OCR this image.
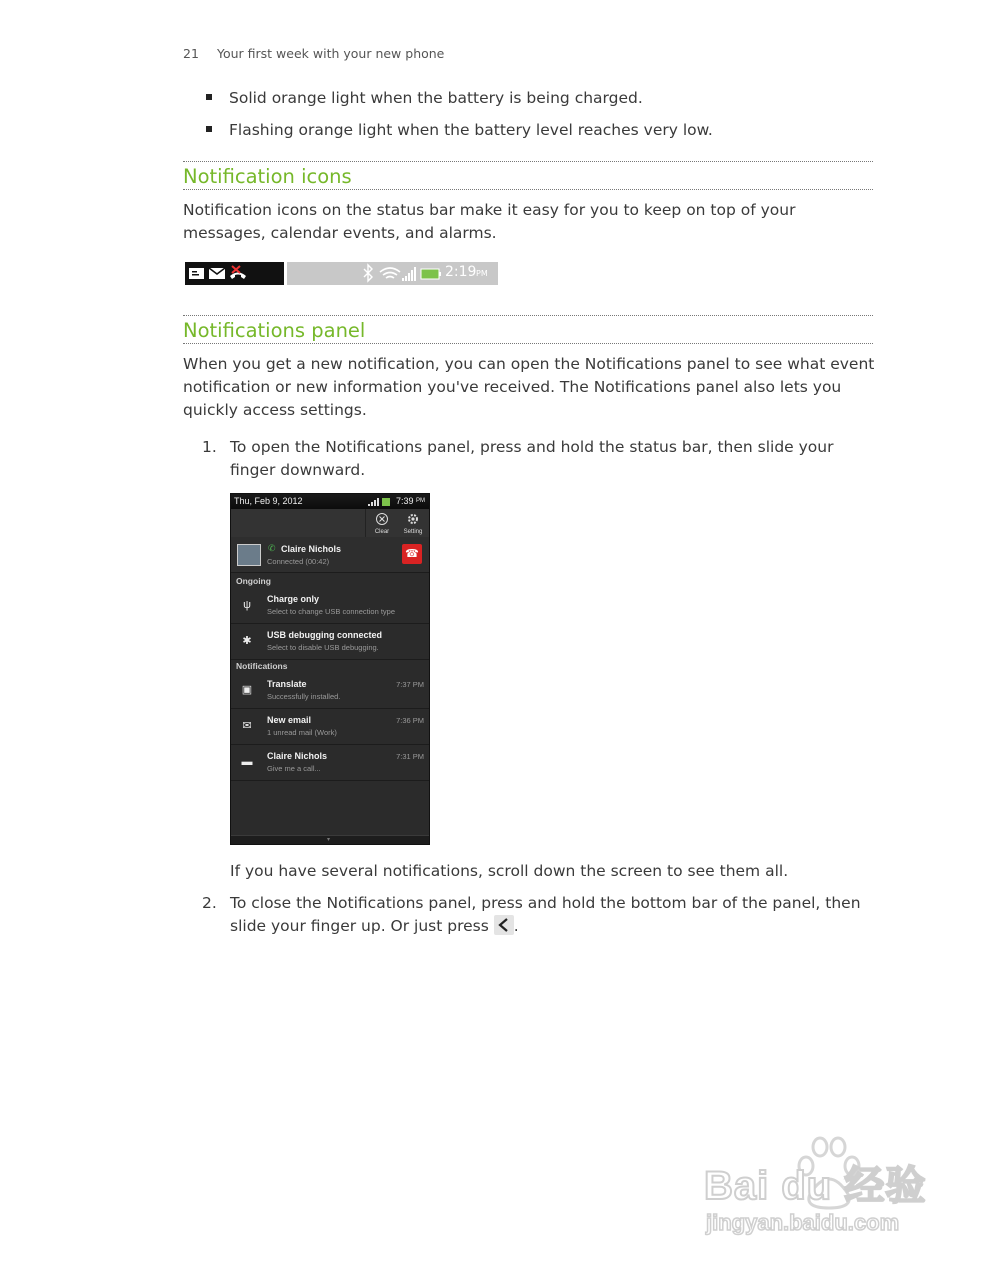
21 Your first week with your new phone
Solid orange light when the battery is being charged.
Flashing orange light when the battery level reaches very low.
Notification icons
Notification icons on the status bar make it easy for you to keep on top of your messages, calendar events, and alarms.
2:19 PM
Notifications panel
When you get a new notification, you can open the Notifications panel to see what event notification or new information you've received. The Notifications panel also lets you quickly access settings.
1. To open the Notifications panel, press and hold the status bar, then slide your finger downward.
Thu, Feb 9, 2012	7:39 PM
Clear	Setting
✆ Claire Nichols
Connected (00:42)
☎
Ongoing
ψ	Charge only
Select to change USB connection type
✱ USB debugging connected
Select to disable USB debugging.
Notifications
▣ Translate
Successfully installed.
7:37 PM
✉ New email
1 unread mail (Work)
7:36 PM
▬ Claire Nichols
Give me a call...
7:31 PM
▾
If you have several notifications, scroll down the screen to see them all.
2. To close the Notifications panel, press and hold the bottom bar of the panel, then slide your finger up. Or just press .
Bai du 经验
jingyan.baidu.com
